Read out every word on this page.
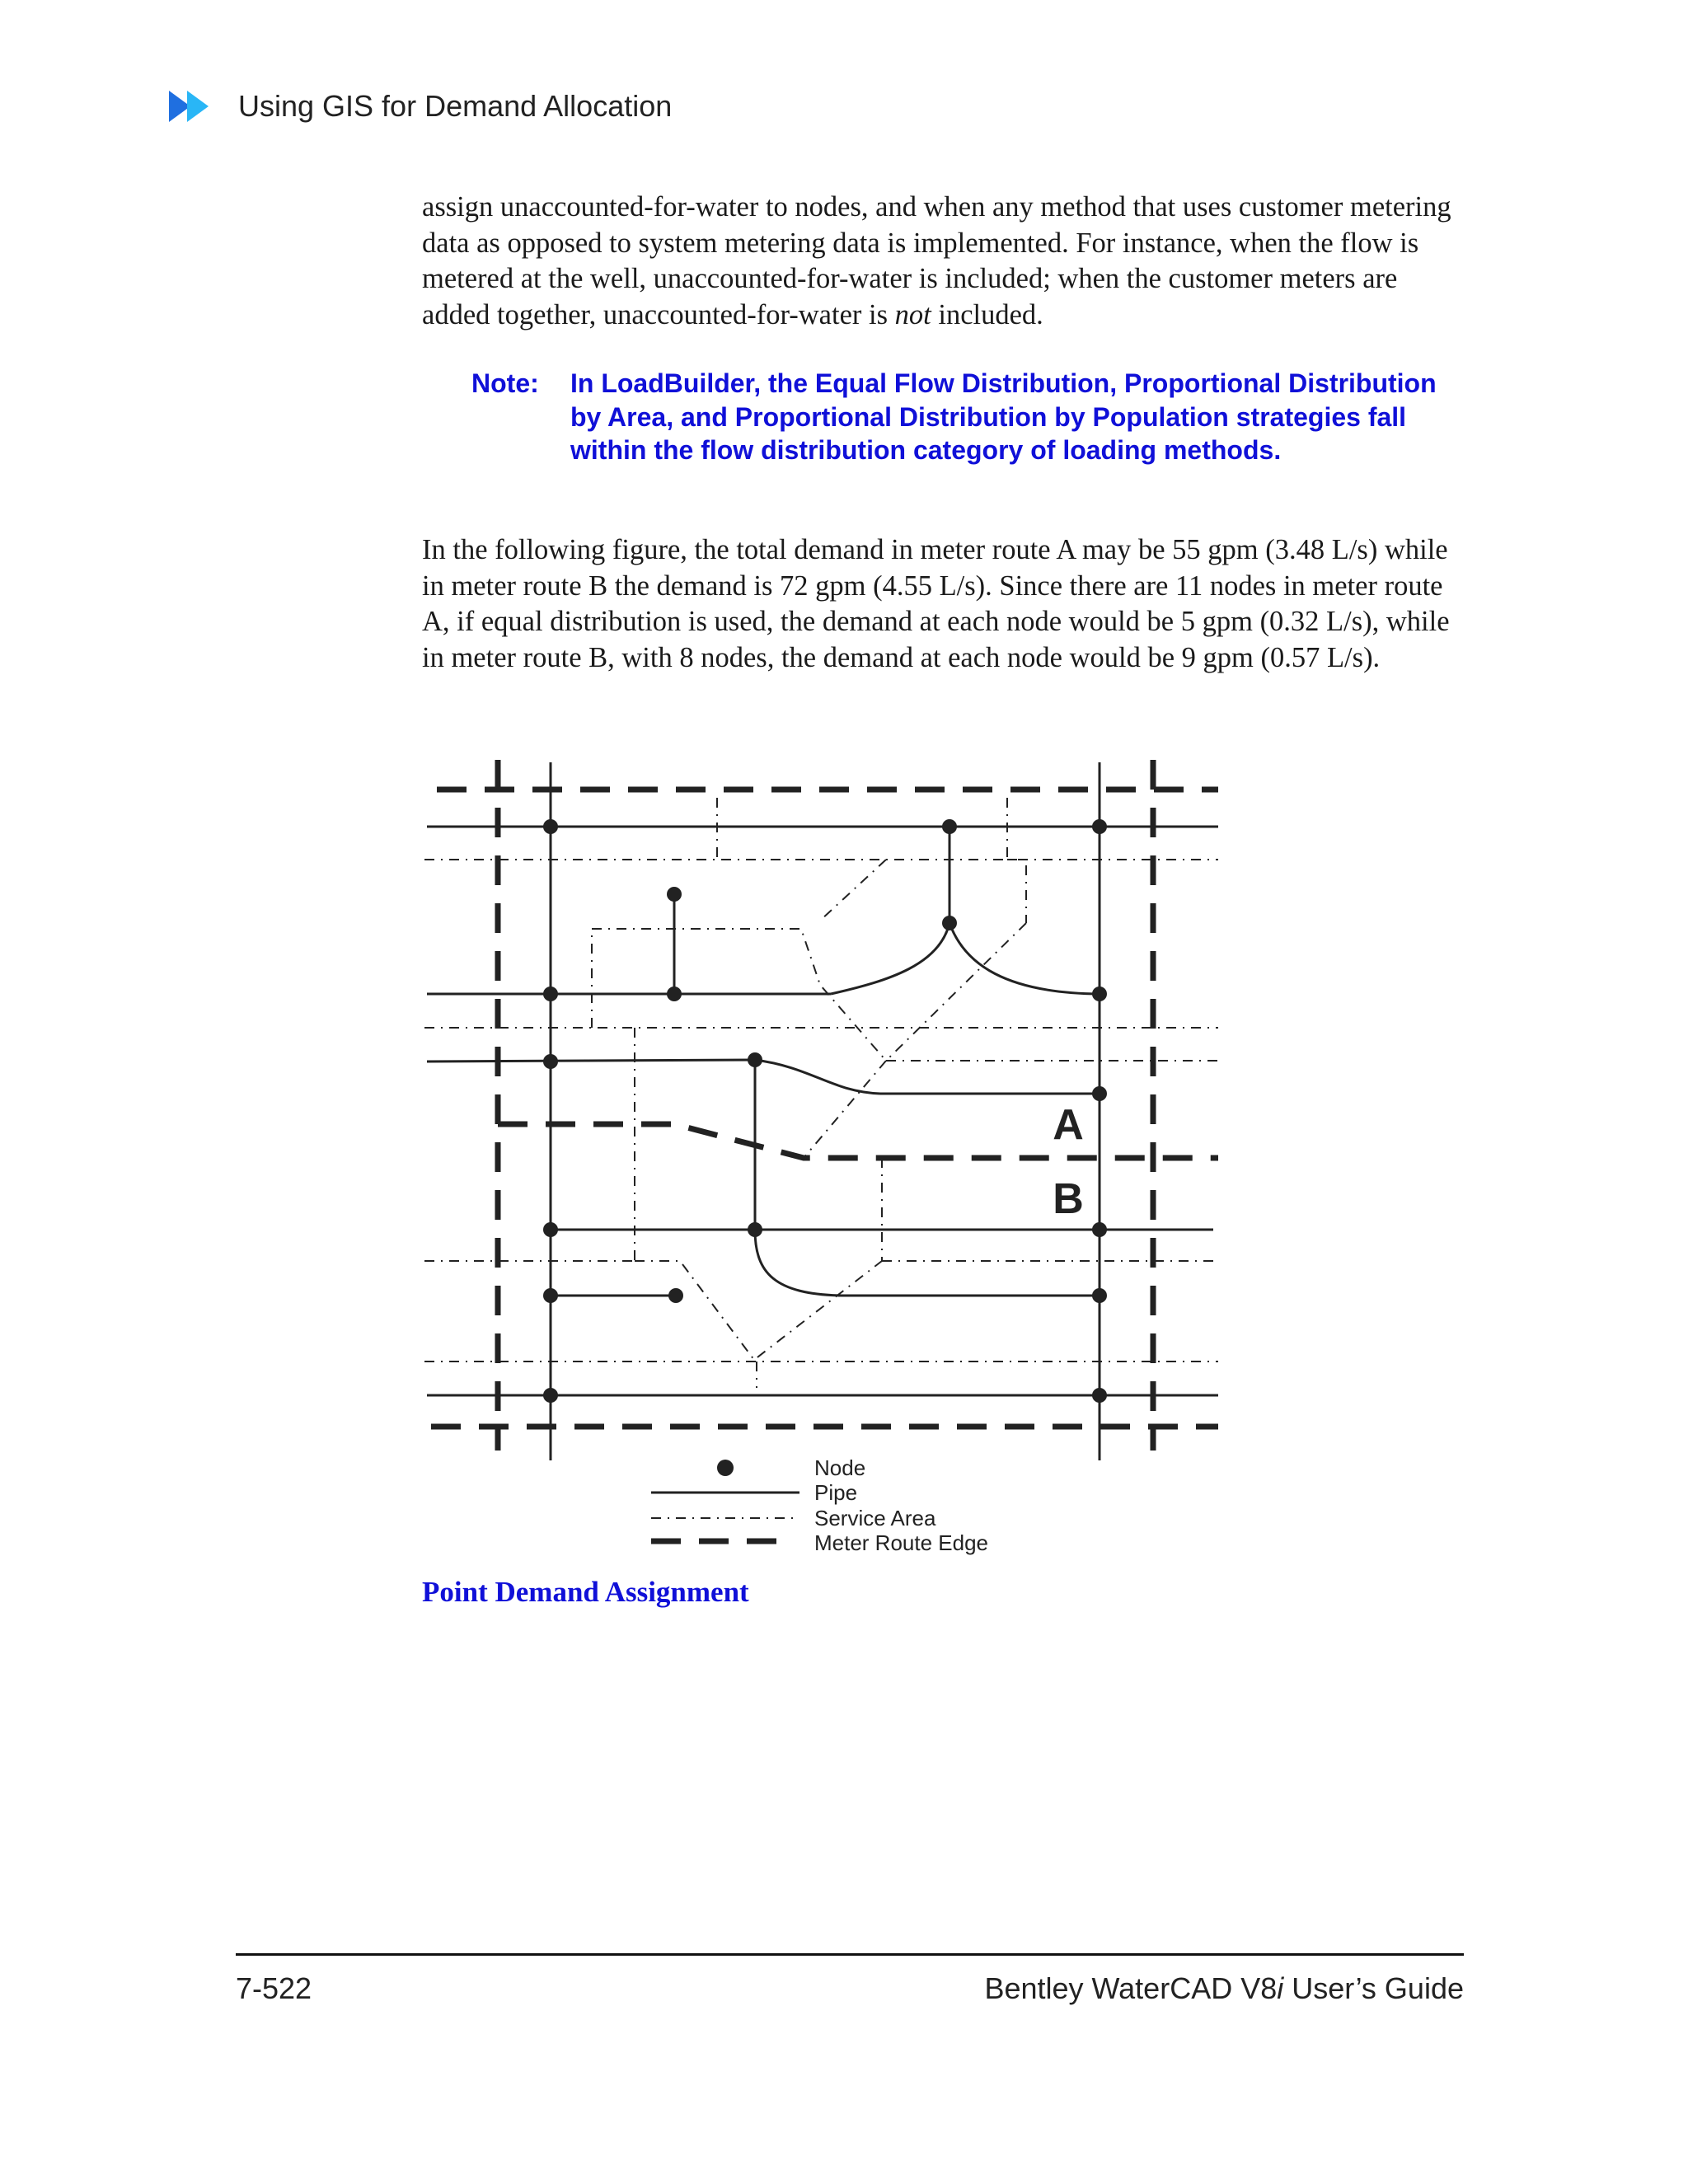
Using GIS for Demand Allocation

assign unaccounted-for-water to nodes, and when any method that uses customer metering data as opposed to system metering data is implemented. For instance, when the flow is metered at the well, unaccounted-for-water is included; when the customer meters are added together, unaccounted-for-water is not included.

Note:	In LoadBuilder, the Equal Flow Distribution, Proportional Distribution by Area, and Proportional Distribution by Population strategies fall within the flow distribution category of loading methods.

In the following figure, the total demand in meter route A may be 55 gpm (3.48 L/s) while in meter route B the demand is 72 gpm (4.55 L/s). Since there are 11 nodes in meter route A, if equal distribution is used, the demand at each node would be 5 gpm (0.32 L/s), while in meter route B, with 8 nodes, the demand at each node would be 9 gpm (0.57 L/s).

A
B
Node
Pipe
Service Area
Meter Route Edge
Point Demand Assignment
7-522	Bentley WaterCAD V8i User’s Guide
